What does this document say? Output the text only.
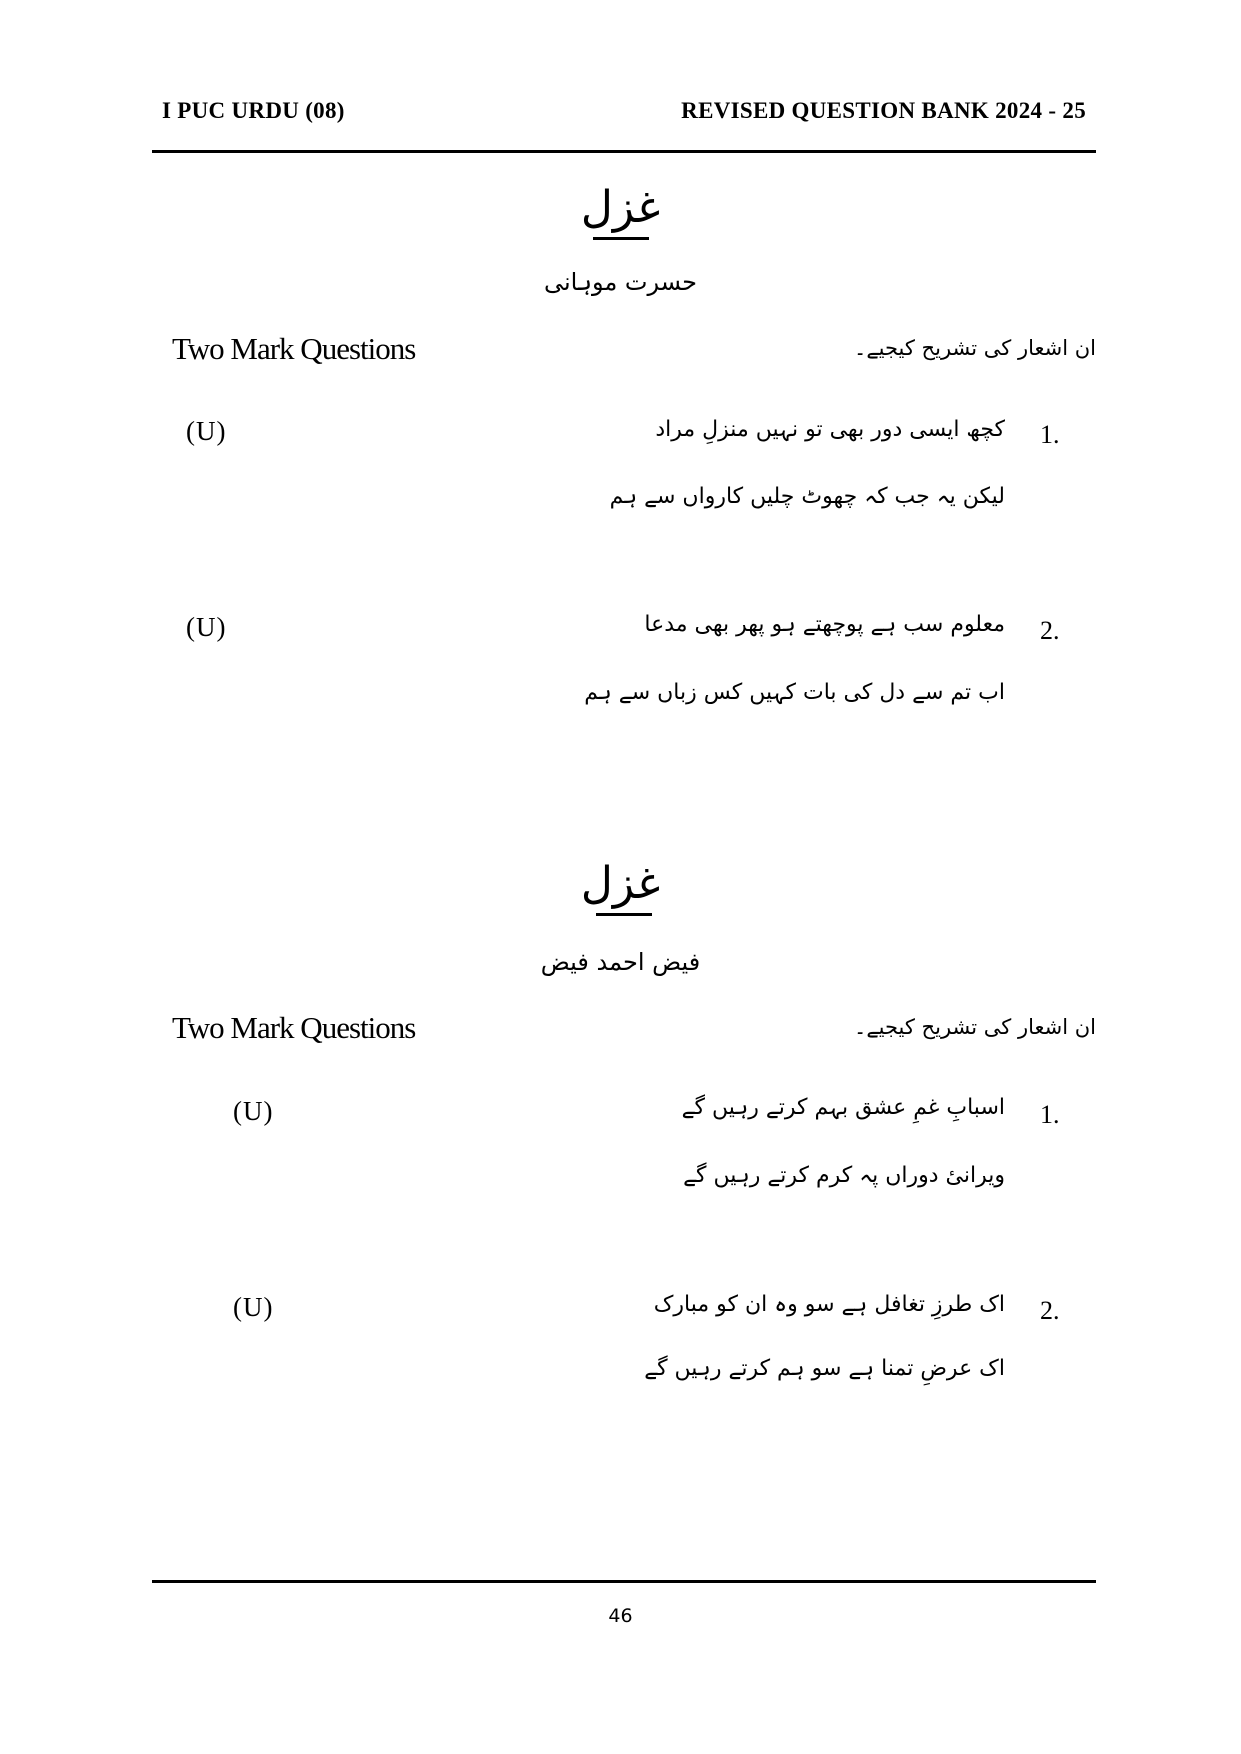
I PUC URDU (08)	REVISED QUESTION BANK 2024 - 25
غزل
حسرت موہانی
Two Mark Questions	ان اشعار کی تشریح کیجیے۔
(U)	1.
کچھ ایسی دور بھی تو نہیں منزلِ مراد
لیکن یہ جب کہ چھوٹ چلیں کارواں سے ہم
(U)	2.
معلوم سب ہے پوچھتے ہو پھر بھی مدعا
اب تم سے دل کی بات کہیں کس زباں سے ہم
غزل
فیض احمد فیض
Two Mark Questions	ان اشعار کی تشریح کیجیے۔
(U)	1.
اسبابِ غمِ عشق بہم کرتے رہیں گے
ویرانیٔ دوراں پہ کرم کرتے رہیں گے
(U)	2.
اک طرزِ تغافل ہے سو وہ ان کو مبارک
اک عرضِ تمنا ہے سو ہم کرتے رہیں گے
46
